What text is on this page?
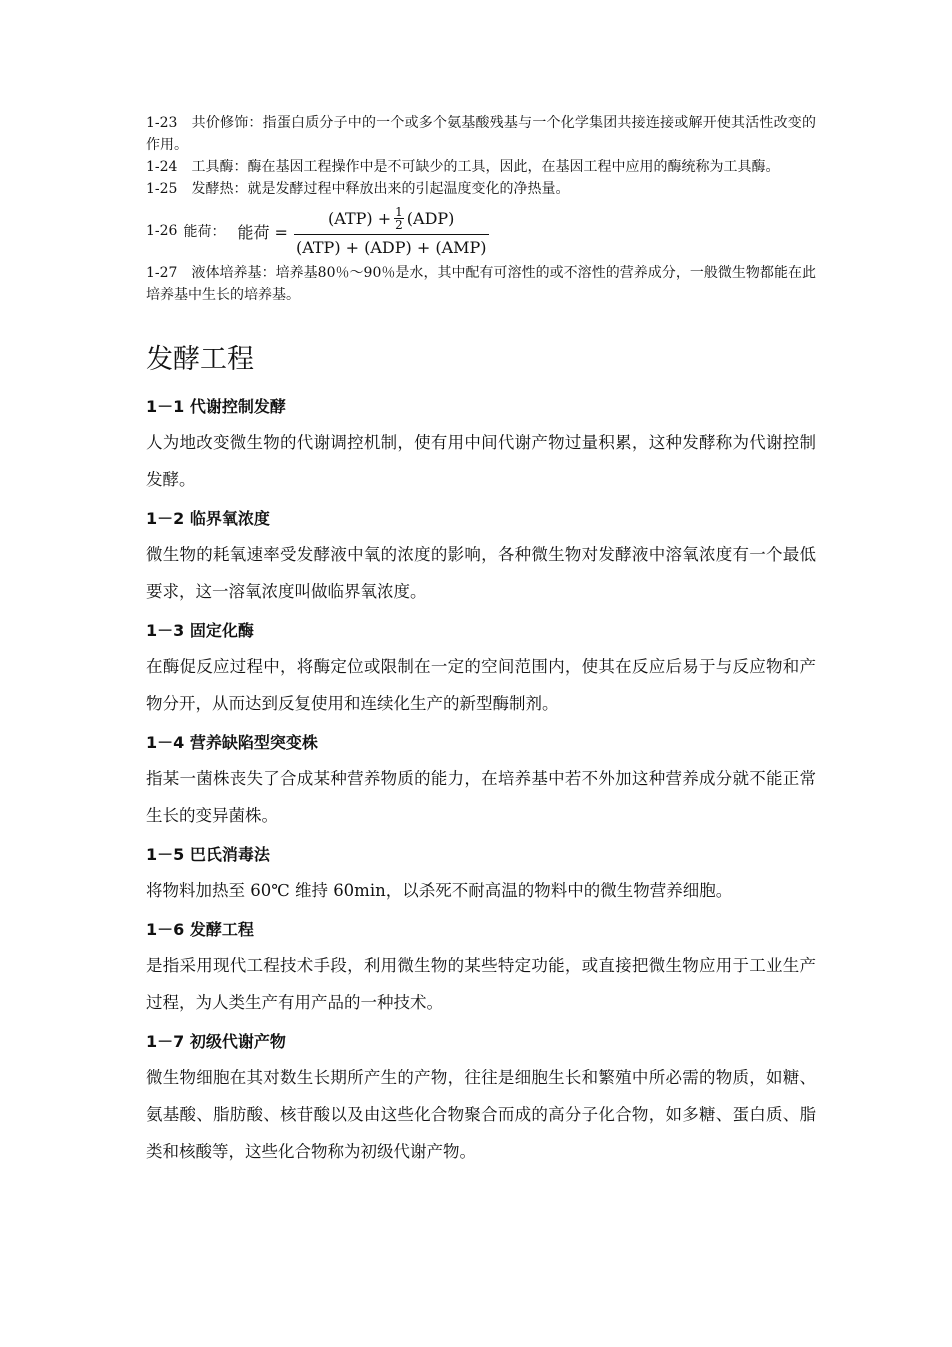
1-23 共价修饰：指蛋白质分子中的一个或多个氨基酸残基与一个化学集团共接连接或解开使其活性改变的作用。

1-24 工具酶：酶在基因工程操作中是不可缺少的工具，因此，在基因工程中应用的酶统称为工具酶。

1-25 发酵热：就是发酵过程中释放出来的引起温度变化的净热量。

1-26 能荷： 能荷 =
$(ATP) + \frac{1}{2} (ADP)$
(ATP) + (ADP) + (AMP)

1-27 液体培养基：培养基80％～90％是水，其中配有可溶性的或不溶性的营养成分，一般微生物都能在此培养基中生长的培养基。

发酵工程

1－1 代谢控制发酵

人为地改变微生物的代谢调控机制，使有用中间代谢产物过量积累，这种发酵称为代谢控制发酵。

1－2 临界氧浓度

微生物的耗氧速率受发酵液中氧的浓度的影响，各种微生物对发酵液中溶氧浓度有一个最低要求，这一溶氧浓度叫做临界氧浓度。

1－3 固定化酶

在酶促反应过程中，将酶定位或限制在一定的空间范围内，使其在反应后易于与反应物和产物分开，从而达到反复使用和连续化生产的新型酶制剂。

1－4 营养缺陷型突变株

指某一菌株丧失了合成某种营养物质的能力，在培养基中若不外加这种营养成分就不能正常生长的变异菌株。

1－5 巴氏消毒法

将物料加热至 60℃ 维持 60min，以杀死不耐高温的物料中的微生物营养细胞。

1－6 发酵工程

是指采用现代工程技术手段，利用微生物的某些特定功能，或直接把微生物应用于工业生产过程，为人类生产有用产品的一种技术。

1－7 初级代谢产物

微生物细胞在其对数生长期所产生的产物，往往是细胞生长和繁殖中所必需的物质，如糖、氨基酸、脂肪酸、核苷酸以及由这些化合物聚合而成的高分子化合物，如多糖、蛋白质、脂类和核酸等，这些化合物称为初级代谢产物。
